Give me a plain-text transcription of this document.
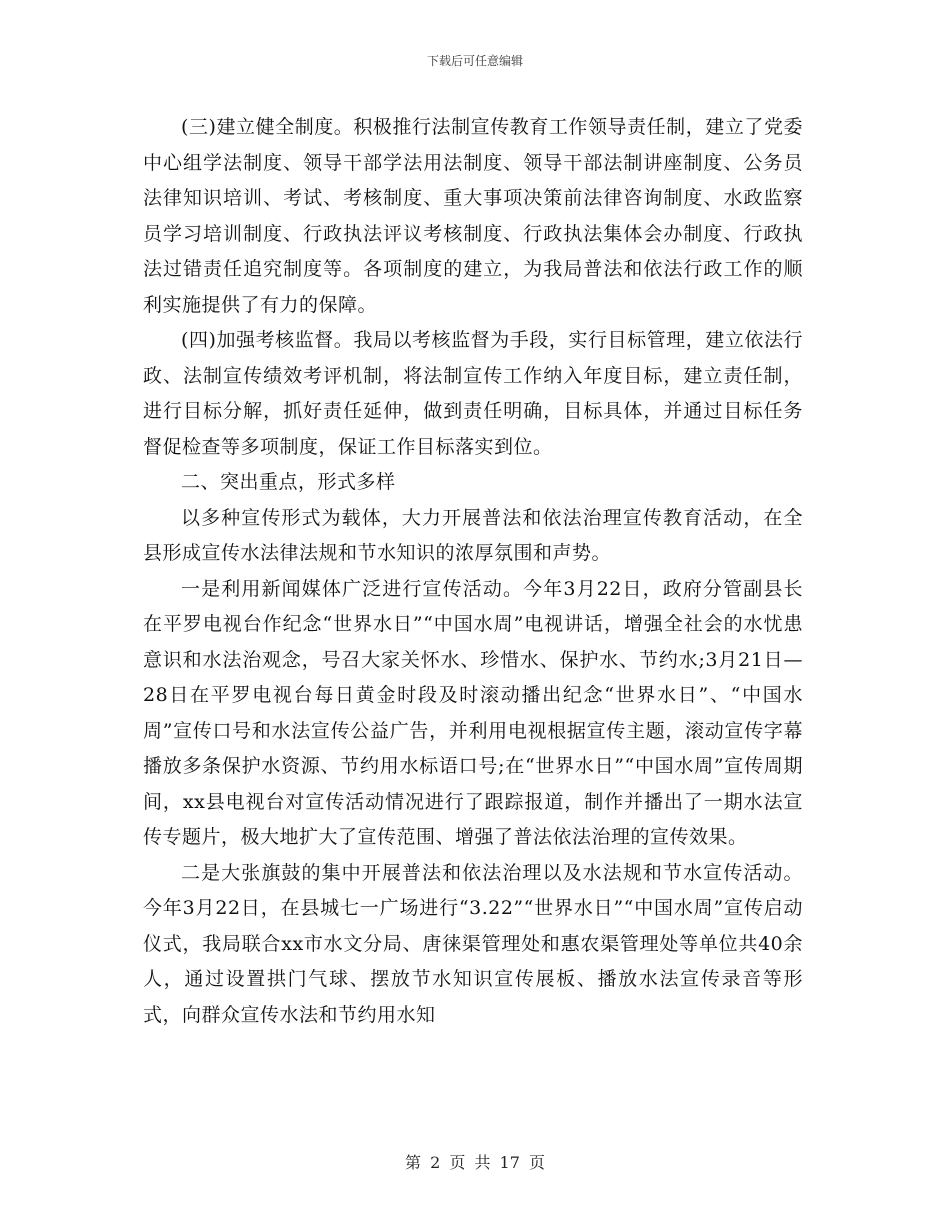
下载后可任意编辑

(三)建立健全制度。积极推行法制宣传教育工作领导责任制，建立了党委中心组学法制度、领导干部学法用法制度、领导干部法制讲座制度、公务员法律知识培训、考试、考核制度、重大事项决策前法律咨询制度、水政监察员学习培训制度、行政执法评议考核制度、行政执法集体会办制度、行政执法过错责任追究制度等。各项制度的建立，为我局普法和依法行政工作的顺利实施提供了有力的保障。

(四)加强考核监督。我局以考核监督为手段，实行目标管理，建立依法行政、法制宣传绩效考评机制，将法制宣传工作纳入年度目标，建立责任制，进行目标分解，抓好责任延伸，做到责任明确，目标具体，并通过目标任务督促检查等多项制度，保证工作目标落实到位。

二、突出重点，形式多样

以多种宣传形式为载体，大力开展普法和依法治理宣传教育活动，在全县形成宣传水法律法规和节水知识的浓厚氛围和声势。

一是利用新闻媒体广泛进行宣传活动。今年3月22日，政府分管副县长在平罗电视台作纪念“世界水日”“中国水周”电视讲话，增强全社会的水忧患意识和水法治观念，号召大家关怀水、珍惜水、保护水、节约水;3月21日—28日在平罗电视台每日黄金时段及时滚动播出纪念“世界水日”、“中国水周”宣传口号和水法宣传公益广告，并利用电视根据宣传主题，滚动宣传字幕播放多条保护水资源、节约用水标语口号;在“世界水日”“中国水周”宣传周期间，xx县电视台对宣传活动情况进行了跟踪报道，制作并播出了一期水法宣传专题片，极大地扩大了宣传范围、增强了普法依法治理的宣传效果。

二是大张旗鼓的集中开展普法和依法治理以及水法规和节水宣传活动。今年3月22日，在县城七一广场进行“3.22”“世界水日”“中国水周”宣传启动仪式，我局联合xx市水文分局、唐徕渠管理处和惠农渠管理处等单位共40余人，通过设置拱门气球、摆放节水知识宣传展板、播放水法宣传录音等形式，向群众宣传水法和节约用水知

第 2 页 共 17 页
